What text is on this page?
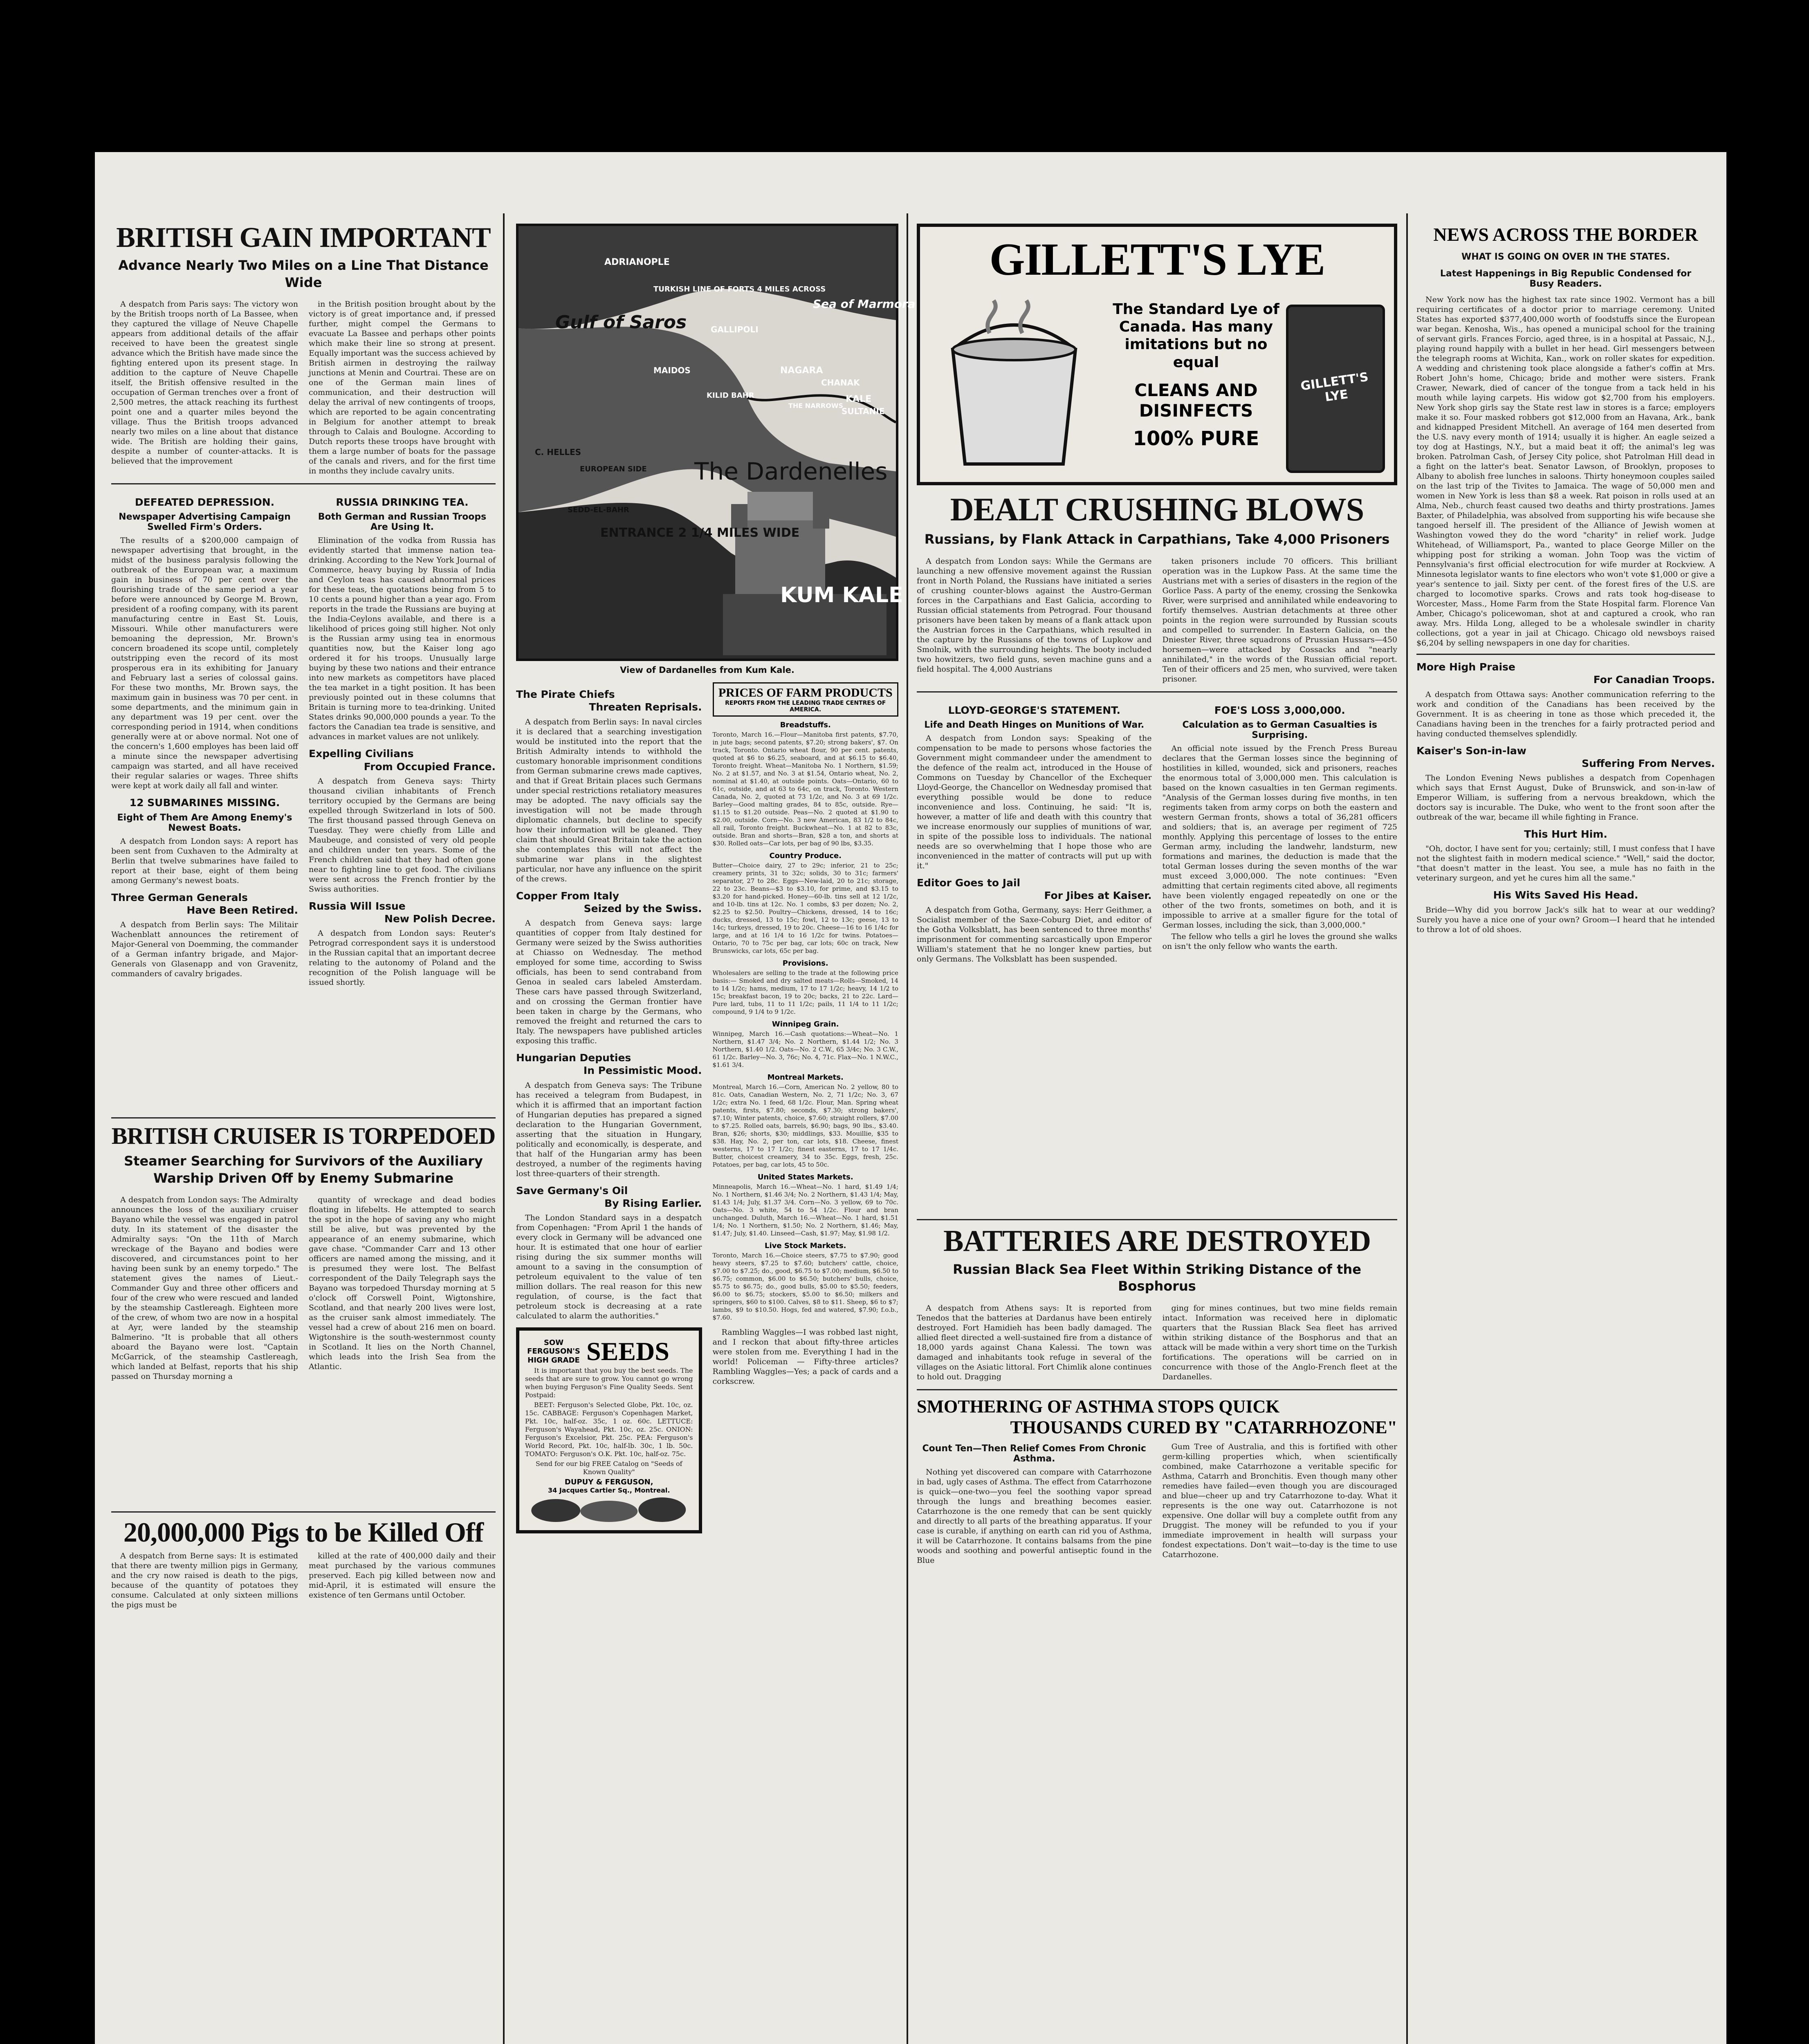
BRITISH GAIN IMPORTANT
Advance Nearly Two Miles on a Line That Distance Wide

A despatch from Paris says: The victory won by the British troops north of La Bassee, when they captured the village of Neuve Chapelle appears from additional details of the affair received to have been the greatest single advance which the British have made since the fighting entered upon its present stage. In addition to the capture of Neuve Chapelle itself, the British offensive resulted in the occupation of German trenches over a front of 2,500 metres, the attack reaching its furthest point one and a quarter miles beyond the village. Thus the British troops advanced nearly two miles on a line about that distance wide. The British are holding their gains, despite a number of counter-attacks. It is believed that the improvement

in the British position brought about by the victory is of great importance and, if pressed further, might compel the Germans to evacuate La Bassee and perhaps other points which make their line so strong at present. Equally important was the success achieved by British airmen in destroying the railway junctions at Menin and Courtrai. These are on one of the German main lines of communication, and their destruction will delay the arrival of new contingents of troops, which are reported to be again concentrating in Belgium for another attempt to break through to Calais and Boulogne. According to Dutch reports these troops have brought with them a large number of boats for the passage of the canals and rivers, and for the first time in months they include cavalry units.

DEFEATED DEPRESSION.
Newspaper Advertising Campaign Swelled Firm's Orders.

The results of a $200,000 campaign of newspaper advertising that brought, in the midst of the business paralysis following the outbreak of the European war, a maximum gain in business of 70 per cent over the flourishing trade of the same period a year before were announced by George M. Brown, president of a roofing company, with its parent manufacturing centre in East St. Louis, Missouri. While other manufacturers were bemoaning the depression, Mr. Brown's concern broadened its scope until, completely outstripping even the record of its most prosperous era in its exhibiting for January and February last a series of colossal gains. For these two months, Mr. Brown says, the maximum gain in business was 70 per cent. in some departments, and the minimum gain in any department was 19 per cent. over the corresponding period in 1914, when conditions generally were at or above normal. Not one of the concern's 1,600 employes has been laid off a minute since the newspaper advertising campaign was started, and all have received their regular salaries or wages. Three shifts were kept at work daily all fall and winter.

12 SUBMARINES MISSING.
Eight of Them Are Among Enemy's Newest Boats.

A despatch from London says: A report has been sent from Cuxhaven to the Admiralty at Berlin that twelve submarines have failed to report at their base, eight of them being among Germany's newest boats.

Three German Generals
Have Been Retired.

A despatch from Berlin says: The Militair Wachenblatt announces the retirement of Major-General von Doemming, the commander of a German infantry brigade, and Major-Generals von Glasenapp and von Gravenitz, commanders of cavalry brigades.

RUSSIA DRINKING TEA.
Both German and Russian Troops Are Using It.

Elimination of the vodka from Russia has evidently started that immense nation tea-drinking. According to the New York Journal of Commerce, heavy buying by Russia of India and Ceylon teas has caused abnormal prices for these teas, the quotations being from 5 to 10 cents a pound higher than a year ago. From reports in the trade the Russians are buying at the India-Ceylons available, and there is a likelihood of prices going still higher. Not only is the Russian army using tea in enormous quantities now, but the Kaiser long ago ordered it for his troops. Unusually large buying by these two nations and their entrance into new markets as competitors have placed the tea market in a tight position. It has been previously pointed out in these columns that Britain is turning more to tea-drinking. United States drinks 90,000,000 pounds a year. To the factors the Canadian tea trade is sensitive, and advances in market values are not unlikely.

Expelling Civilians
From Occupied France.

A despatch from Geneva says: Thirty thousand civilian inhabitants of French territory occupied by the Germans are being expelled through Switzerland in lots of 500. The first thousand passed through Geneva on Tuesday. They were chiefly from Lille and Maubeuge, and consisted of very old people and children under ten years. Some of the French children said that they had often gone near to fighting line to get food. The civilians were sent across the French frontier by the Swiss authorities.

Russia Will Issue
New Polish Decree.

A despatch from London says: Reuter's Petrograd correspondent says it is understood in the Russian capital that an important decree relating to the autonomy of Poland and the recognition of the Polish language will be issued shortly.

BRITISH CRUISER IS TORPEDOED
Steamer Searching for Survivors of the Auxiliary Warship Driven Off by Enemy Submarine

A despatch from London says: The Admiralty announces the loss of the auxiliary cruiser Bayano while the vessel was engaged in patrol duty. In its statement of the disaster the Admiralty says: "On the 11th of March wreckage of the Bayano and bodies were discovered, and circumstances point to her having been sunk by an enemy torpedo." The statement gives the names of Lieut.-Commander Guy and three other officers and four of the crew who were rescued and landed by the steamship Castlereagh. Eighteen more of the crew, of whom two are now in a hospital at Ayr, were landed by the steamship Balmerino. "It is probable that all others aboard the Bayano were lost. "Captain McGarrick, of the steamship Castlereagh, which landed at Belfast, reports that his ship passed on Thursday morning a

quantity of wreckage and dead bodies floating in lifebelts. He attempted to search the spot in the hope of saving any who might still be alive, but was prevented by the appearance of an enemy submarine, which gave chase. "Commander Carr and 13 other officers are named among the missing, and it is presumed they were lost. The Belfast correspondent of the Daily Telegraph says the Bayano was torpedoed Thursday morning at 5 o'clock off Corswell Point, Wigtonshire, Scotland, and that nearly 200 lives were lost, as the cruiser sank almost immediately. The vessel had a crew of about 216 men on board. Wigtonshire is the south-westernmost county in Scotland. It lies on the North Channel, which leads into the Irish Sea from the Atlantic.

20,000,000 Pigs to be Killed Off

A despatch from Berne says: It is estimated that there are twenty million pigs in Germany, and the cry now raised is death to the pigs, because of the quantity of potatoes they consume. Calculated at only sixteen millions the pigs must be

killed at the rate of 400,000 daily and their meat purchased by the various communes preserved. Each pig killed between now and mid-April, it is estimated will ensure the existence of ten Germans until October.

ADRIANOPLE
Gulf of Saros
TURKISH LINE OF FORTS 4 MILES ACROSS
Sea of Marmora
GALLIPOLI
MAIDOS	NAGARA
CHANAK
KILID BAHR	KALE
SULTANIE
THE NARROWS
C. HELLES
EUROPEAN SIDE
SEDD-EL-BAHR
The Dardenelles
ENTRANCE 2 1/4 MILES WIDE
KUM KALE
View of Dardanelles from Kum Kale.
The Pirate Chiefs
Threaten Reprisals.

A despatch from Berlin says: In naval circles it is declared that a searching investigation would be instituted into the report that the British Admiralty intends to withhold the customary honorable imprisonment conditions from German submarine crews made captives, and that if Great Britain places such Germans under special restrictions retaliatory measures may be adopted. The navy officials say the investigation will not be made through diplomatic channels, but decline to specify how their information will be gleaned. They claim that should Great Britain take the action she contemplates this will not affect the submarine war plans in the slightest particular, nor have any influence on the spirit of the crews.

Copper From Italy
Seized by the Swiss.

A despatch from Geneva says: large quantities of copper from Italy destined for Germany were seized by the Swiss authorities at Chiasso on Wednesday. The method employed for some time, according to Swiss officials, has been to send contraband from Genoa in sealed cars labeled Amsterdam. These cars have passed through Switzerland, and on crossing the German frontier have been taken in charge by the Germans, who removed the freight and returned the cars to Italy. The newspapers have published articles exposing this traffic.

Hungarian Deputies
In Pessimistic Mood.

A despatch from Geneva says: The Tribune has received a telegram from Budapest, in which it is affirmed that an important faction of Hungarian deputies has prepared a signed declaration to the Hungarian Government, asserting that the situation in Hungary, politically and economically, is desperate, and that half of the Hungarian army has been destroyed, a number of the regiments having lost three-quarters of their strength.

Save Germany's Oil
By Rising Earlier.

The London Standard says in a despatch from Copenhagen: "From April 1 the hands of every clock in Germany will be advanced one hour. It is estimated that one hour of earlier rising during the six summer months will amount to a saving in the consumption of petroleum equivalent to the value of ten million dollars. The real reason for this new regulation, of course, is the fact that petroleum stock is decreasing at a rate calculated to alarm the authorities."

SOW FERGUSON'S HIGH GRADE SEEDS

It is important that you buy the best seeds. The seeds that are sure to grow. You cannot go wrong when buying Ferguson's Fine Quality Seeds. Sent Postpaid:

BEET: Ferguson's Selected Globe, Pkt. 10c, oz. 15c. CABBAGE: Ferguson's Copenhagen Market, Pkt. 10c, half-oz. 35c, 1 oz. 60c. LETTUCE: Ferguson's Wayahead, Pkt. 10c, oz. 25c. ONION: Ferguson's Excelsior, Pkt. 25c. PEA: Ferguson's World Record, Pkt. 10c, half-lb. 30c, 1 lb. 50c. TOMATO: Ferguson's O.K. Pkt. 10c, half-oz. 75c.

Send for our big FREE Catalog on "Seeds of Known Quality"

DUPUY & FERGUSON,
34 Jacques Cartier Sq., Montreal.
PRICES OF FARM PRODUCTS
REPORTS FROM THE LEADING TRADE CENTRES OF AMERICA.
Breadstuffs.

Toronto, March 16.—Flour—Manitoba first patents, $7.70, in jute bags; second patents, $7.20; strong bakers', $7. On track, Toronto. Ontario wheat flour, 90 per cent. patents, quoted at $6 to $6.25, seaboard, and at $6.15 to $6.40, Toronto freight. Wheat—Manitoba No. 1 Northern, $1.59; No. 2 at $1.57, and No. 3 at $1.54, Ontario wheat, No. 2, nominal at $1.40, at outside points. Oats—Ontario, 60 to 61c, outside, and at 63 to 64c, on track, Toronto. Western Canada, No. 2, quoted at 73 1/2c, and No. 3 at 69 1/2c. Barley—Good malting grades, 84 to 85c, outside. Rye—$1.15 to $1.20 outside. Peas—No. 2 quoted at $1.90 to $2.00, outside. Corn—No. 3 new American, 83 1/2 to 84c, all rail, Toronto freight. Buckwheat—No. 1 at 82 to 83c, outside. Bran and shorts—Bran, $28 a ton, and shorts at $30. Rolled oats—Car lots, per bag of 90 lbs, $3.35.

Country Produce.

Butter—Choice dairy, 27 to 29c; inferior, 21 to 25c; creamery prints, 31 to 32c; solids, 30 to 31c; farmers' separator, 27 to 28c. Eggs—New-laid, 20 to 21c; storage, 22 to 23c. Beans—$3 to $3.10, for prime, and $3.15 to $3.20 for hand-picked. Honey—60-lb. tins sell at 12 1/2c, and 10-lb. tins at 12c. No. 1 combs, $3 per dozen; No. 2, $2.25 to $2.50. Poultry—Chickens, dressed, 14 to 16c; ducks, dressed, 13 to 15c; fowl, 12 to 13c; geese, 13 to 14c; turkeys, dressed, 19 to 20c. Cheese—16 to 16 1/4c for large, and at 16 1/4 to 16 1/2c for twins. Potatoes—Ontario, 70 to 75c per bag, car lots; 60c on track, New Brunswicks, car lots, 65c per bag.

Provisions.

Wholesalers are selling to the trade at the following price basis:— Smoked and dry salted meats—Rolls—Smoked, 14 to 14 1/2c; hams, medium, 17 to 17 1/2c; heavy, 14 1/2 to 15c; breakfast bacon, 19 to 20c; backs, 21 to 22c. Lard—Pure lard, tubs, 11 to 11 1/2c; pails, 11 1/4 to 11 1/2c; compound, 9 1/4 to 9 1/2c.

Winnipeg Grain.

Winnipeg, March 16.—Cash quotations:—Wheat—No. 1 Northern, $1.47 3/4; No. 2 Northern, $1.44 1/2; No. 3 Northern, $1.40 1/2. Oats—No. 2 C.W., 65 3/4c; No. 3 C.W., 61 1/2c. Barley—No. 3, 76c; No. 4, 71c. Flax—No. 1 N.W.C., $1.61 3/4.

Montreal Markets.

Montreal, March 16.—Corn, American No. 2 yellow, 80 to 81c. Oats, Canadian Western, No. 2, 71 1/2c; No. 3, 67 1/2c; extra No. 1 feed, 68 1/2c. Flour, Man. Spring wheat patents, firsts, $7.80; seconds, $7.30; strong bakers', $7.10; Winter patents, choice, $7.60; straight rollers, $7.00 to $7.25. Rolled oats, barrels, $6.90; bags, 90 lbs., $3.40. Bran, $26; shorts, $30; middlings, $33. Mouillie, $35 to $38. Hay, No. 2, per ton, car lots, $18. Cheese, finest westerns, 17 to 17 1/2c; finest easterns, 17 to 17 1/4c. Butter, choicest creamery, 34 to 35c. Eggs, fresh, 25c. Potatoes, per bag, car lots, 45 to 50c.

United States Markets.

Minneapolis, March 16.—Wheat—No. 1 hard, $1.49 1/4; No. 1 Northern, $1.46 3/4; No. 2 Northern, $1.43 1/4; May, $1.43 1/4; July, $1.37 3/4. Corn—No. 3 yellow, 69 to 70c. Oats—No. 3 white, 54 to 54 1/2c. Flour and bran unchanged. Duluth, March 16.—Wheat—No. 1 hard, $1.51 1/4; No. 1 Northern, $1.50; No. 2 Northern, $1.46; May, $1.47; July, $1.40. Linseed—Cash, $1.97; May, $1.98 1/2.

Live Stock Markets.

Toronto, March 16.—Choice steers, $7.75 to $7.90; good heavy steers, $7.25 to $7.60; butchers' cattle, choice, $7.00 to $7.25; do., good, $6.75 to $7.00; medium, $6.50 to $6.75; common, $6.00 to $6.50; butchers' bulls, choice, $5.75 to $6.75; do., good bulls, $5.00 to $5.50; feeders, $6.00 to $6.75; stockers, $5.00 to $6.50; milkers and springers, $60 to $100. Calves, $8 to $11. Sheep, $6 to $7; lambs, $9 to $10.50. Hogs, fed and watered, $7.90; f.o.b., $7.60.

Rambling Waggles—I was robbed last night, and I reckon that about fifty-three articles were stolen from me. Everything I had in the world! Policeman — Fifty-three articles? Rambling Waggles—Yes; a pack of cards and a corkscrew.

GILLETT'S LYE
The Standard Lye of Canada. Has many imitations but no equal
CLEANS AND DISINFECTS
100% PURE
GILLETT'S LYE
DEALT CRUSHING BLOWS
Russians, by Flank Attack in Carpathians, Take 4,000 Prisoners

A despatch from London says: While the Germans are launching a new offensive movement against the Russian front in North Poland, the Russians have initiated a series of crushing counter-blows against the Austro-German forces in the Carpathians and East Galicia, according to Russian official statements from Petrograd. Four thousand prisoners have been taken by means of a flank attack upon the Austrian forces in the Carpathians, which resulted in the capture by the Russians of the towns of Lupkow and Smolnik, with the surrounding heights. The booty included two howitzers, two field guns, seven machine guns and a field hospital. The 4,000 Austrians

taken prisoners include 70 officers. This brilliant operation was in the Lupkow Pass. At the same time the Austrians met with a series of disasters in the region of the Gorlice Pass. A party of the enemy, crossing the Senkowka River, were surprised and annihilated while endeavoring to fortify themselves. Austrian detachments at three other points in the region were surrounded by Russian scouts and compelled to surrender. In Eastern Galicia, on the Dniester River, three squadrons of Prussian Hussars—450 horsemen—were attacked by Cossacks and "nearly annihilated," in the words of the Russian official report. Ten of their officers and 25 men, who survived, were taken prisoner.

LLOYD-GEORGE'S STATEMENT.
Life and Death Hinges on Munitions of War.

A despatch from London says: Speaking of the compensation to be made to persons whose factories the Government might commandeer under the amendment to the defence of the realm act, introduced in the House of Commons on Tuesday by Chancellor of the Exchequer Lloyd-George, the Chancellor on Wednesday promised that everything possible would be done to reduce inconvenience and loss. Continuing, he said: "It is, however, a matter of life and death with this country that we increase enormously our supplies of munitions of war, in spite of the possible loss to individuals. The national needs are so overwhelming that I hope those who are inconvenienced in the matter of contracts will put up with it."

Editor Goes to Jail
For Jibes at Kaiser.

A despatch from Gotha, Germany, says: Herr Geithmer, a Socialist member of the Saxe-Coburg Diet, and editor of the Gotha Volksblatt, has been sentenced to three months' imprisonment for commenting sarcastically upon Emperor William's statement that he no longer knew parties, but only Germans. The Volksblatt has been suspended.

FOE'S LOSS 3,000,000.
Calculation as to German Casualties is Surprising.

An official note issued by the French Press Bureau declares that the German losses since the beginning of hostilities in killed, wounded, sick and prisoners, reaches the enormous total of 3,000,000 men. This calculation is based on the known casualties in ten German regiments. "Analysis of the German losses during five months, in ten regiments taken from army corps on both the eastern and western German fronts, shows a total of 36,281 officers and soldiers; that is, an average per regiment of 725 monthly. Applying this percentage of losses to the entire German army, including the landwehr, landsturm, new formations and marines, the deduction is made that the total German losses during the seven months of the war must exceed 3,000,000. The note continues: "Even admitting that certain regiments cited above, all regiments have been violently engaged repeatedly on one or the other of the two fronts, sometimes on both, and it is impossible to arrive at a smaller figure for the total of German losses, including the sick, than 3,000,000."

The fellow who tells a girl he loves the ground she walks on isn't the only fellow who wants the earth.

BATTERIES ARE DESTROYED
Russian Black Sea Fleet Within Striking Distance of the Bosphorus

A despatch from Athens says: It is reported from Tenedos that the batteries at Dardanus have been entirely destroyed. Fort Hamidieh has been badly damaged. The allied fleet directed a well-sustained fire from a distance of 18,000 yards against Chana Kalessi. The town was damaged and inhabitants took refuge in several of the villages on the Asiatic littoral. Fort Chimlik alone continues to hold out. Dragging

ging for mines continues, but two mine fields remain intact. Information was received here in diplomatic quarters that the Russian Black Sea fleet has arrived within striking distance of the Bosphorus and that an attack will be made within a very short time on the Turkish fortifications. The operations will be carried on in concurrence with those of the Anglo-French fleet at the Dardanelles.

SMOTHERING OF ASTHMA STOPS QUICK
THOUSANDS CURED BY "CATARRHOZONE"
Count Ten—Then Relief Comes From Chronic Asthma.

Nothing yet discovered can compare with Catarrhozone in bad, ugly cases of Asthma. The effect from Catarrhozone is quick—one-two—you feel the soothing vapor spread through the lungs and breathing becomes easier. Catarrhozone is the one remedy that can be sent quickly and directly to all parts of the breathing apparatus. If your case is curable, if anything on earth can rid you of Asthma, it will be Catarrhozone. It contains balsams from the pine woods and soothing and powerful antiseptic found in the Blue

Gum Tree of Australia, and this is fortified with other germ-killing properties which, when scientifically combined, make Catarrhozone a veritable specific for Asthma, Catarrh and Bronchitis. Even though many other remedies have failed—even though you are discouraged and blue—cheer up and try Catarrhozone to-day. What it represents is the one way out. Catarrhozone is not expensive. One dollar will buy a complete outfit from any Druggist. The money will be refunded to you if your immediate improvement in health will surpass your fondest expectations. Don't wait—to-day is the time to use Catarrhozone.

NEWS ACROSS THE BORDER
WHAT IS GOING ON OVER IN THE STATES.
Latest Happenings in Big Republic Condensed for Busy Readers.

New York now has the highest tax rate since 1902. Vermont has a bill requiring certificates of a doctor prior to marriage ceremony. United States has exported $377,400,000 worth of foodstuffs since the European war began. Kenosha, Wis., has opened a municipal school for the training of servant girls. Frances Forcio, aged three, is in a hospital at Passaic, N.J., playing round happily with a bullet in her head. Girl messengers between the telegraph rooms at Wichita, Kan., work on roller skates for expedition. A wedding and christening took place alongside a father's coffin at Mrs. Robert John's home, Chicago; bride and mother were sisters. Frank Crawer, Newark, died of cancer of the tongue from a tack held in his mouth while laying carpets. His widow got $2,700 from his employers. New York shop girls say the State rest law in stores is a farce; employers make it so. Four masked robbers got $12,000 from an Havana, Ark., bank and kidnapped President Mitchell. An average of 164 men deserted from the U.S. navy every month of 1914; usually it is higher. An eagle seized a toy dog at Hastings, N.Y., but a maid beat it off; the animal's leg was broken. Patrolman Cash, of Jersey City police, shot Patrolman Hill dead in a fight on the latter's beat. Senator Lawson, of Brooklyn, proposes to Albany to abolish free lunches in saloons. Thirty honeymoon couples sailed on the last trip of the Tivites to Jamaica. The wage of 50,000 men and women in New York is less than $8 a week. Rat poison in rolls used at an Alma, Neb., church feast caused two deaths and thirty prostrations. James Baxter, of Philadelphia, was absolved from supporting his wife because she tangoed herself ill. The president of the Alliance of Jewish women at Washington vowed they do the word "charity" in relief work. Judge Whitehead, of Williamsport, Pa., wanted to place George Miller on the whipping post for striking a woman. John Toop was the victim of Pennsylvania's first official electrocution for wife murder at Rockview. A Minnesota legislator wants to fine electors who won't vote $1,000 or give a year's sentence to jail. Sixty per cent. of the forest fires of the U.S. are charged to locomotive sparks. Crows and rats took hog-disease to Worcester, Mass., Home Farm from the State Hospital farm. Florence Van Amber, Chicago's policewoman, shot at and captured a crook, who ran away. Mrs. Hilda Long, alleged to be a wholesale swindler in charity collections, got a year in jail at Chicago. Chicago old newsboys raised $6,204 by selling newspapers in one day for charities.

More High Praise
For Canadian Troops.

A despatch from Ottawa says: Another communication referring to the work and condition of the Canadians has been received by the Government. It is as cheering in tone as those which preceded it, the Canadians having been in the trenches for a fairly protracted period and having conducted themselves splendidly.

Kaiser's Son-in-law
Suffering From Nerves.

The London Evening News publishes a despatch from Copenhagen which says that Ernst August, Duke of Brunswick, and son-in-law of Emperor William, is suffering from a nervous breakdown, which the doctors say is incurable. The Duke, who went to the front soon after the outbreak of the war, became ill while fighting in France.

This Hurt Him.

"Oh, doctor, I have sent for you; certainly; still, I must confess that I have not the slightest faith in modern medical science." "Well," said the doctor, "that doesn't matter in the least. You see, a mule has no faith in the veterinary surgeon, and yet he cures him all the same."

His Wits Saved His Head.

Bride—Why did you borrow Jack's silk hat to wear at our wedding? Surely you have a nice one of your own? Groom—I heard that he intended to throw a lot of old shoes.
